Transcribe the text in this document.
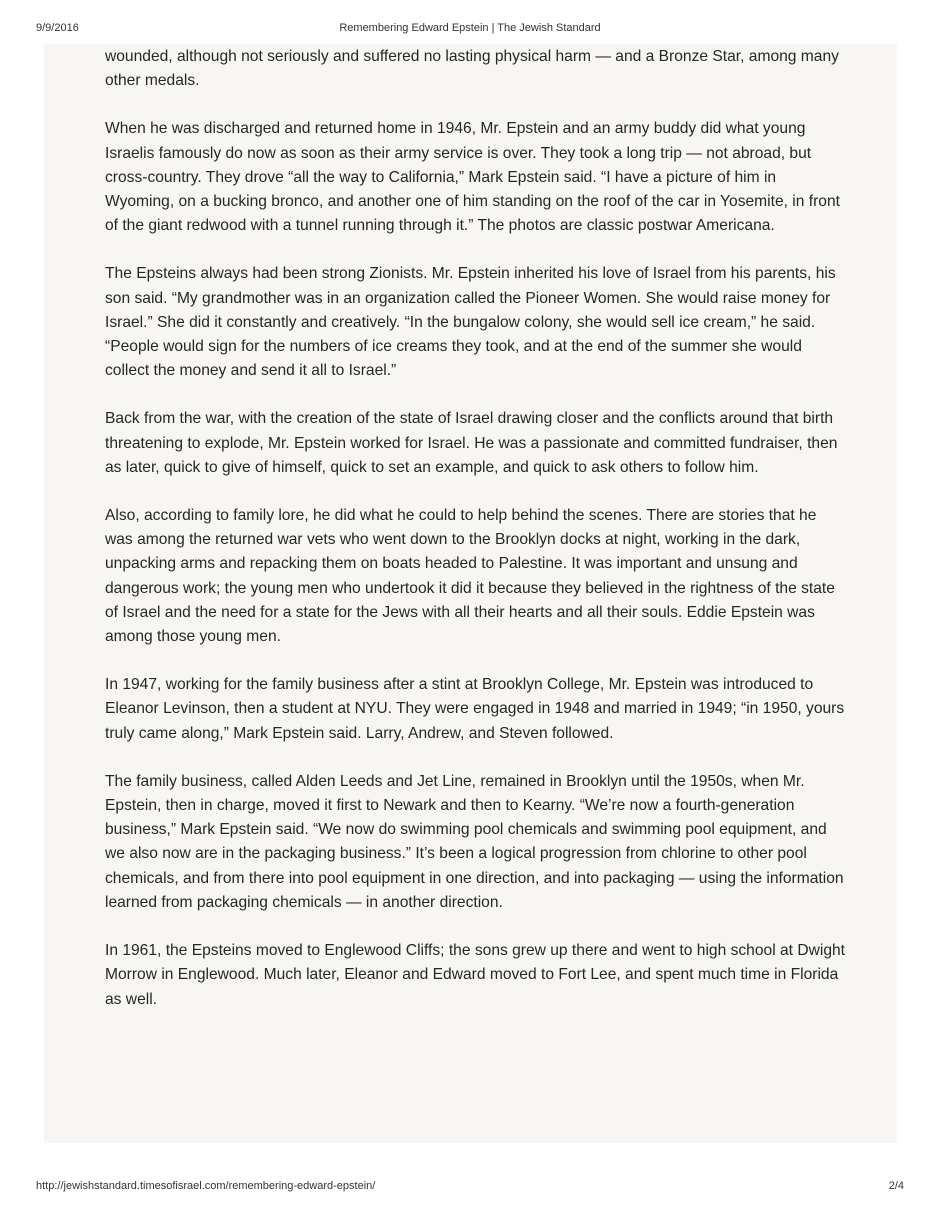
9/9/2016	Remembering Edward Epstein | The Jewish Standard

wounded, although not seriously and suffered no lasting physical harm — and a Bronze Star, among many other medals.

When he was discharged and returned home in 1946, Mr. Epstein and an army buddy did what young Israelis famously do now as soon as their army service is over. They took a long trip — not abroad, but cross-country. They drove “all the way to California,” Mark Epstein said. “I have a picture of him in Wyoming, on a bucking bronco, and another one of him standing on the roof of the car in Yosemite, in front of the giant redwood with a tunnel running through it.” The photos are classic postwar Americana.

The Epsteins always had been strong Zionists. Mr. Epstein inherited his love of Israel from his parents, his son said. “My grandmother was in an organization called the Pioneer Women. She would raise money for Israel.” She did it constantly and creatively. “In the bungalow colony, she would sell ice cream,” he said. “People would sign for the numbers of ice creams they took, and at the end of the summer she would collect the money and send it all to Israel.”

Back from the war, with the creation of the state of Israel drawing closer and the conflicts around that birth threatening to explode, Mr. Epstein worked for Israel. He was a passionate and committed fundraiser, then as later, quick to give of himself, quick to set an example, and quick to ask others to follow him.

Also, according to family lore, he did what he could to help behind the scenes. There are stories that he was among the returned war vets who went down to the Brooklyn docks at night, working in the dark, unpacking arms and repacking them on boats headed to Palestine. It was important and unsung and dangerous work; the young men who undertook it did it because they believed in the rightness of the state of Israel and the need for a state for the Jews with all their hearts and all their souls. Eddie Epstein was among those young men.

In 1947, working for the family business after a stint at Brooklyn College, Mr. Epstein was introduced to Eleanor Levinson, then a student at NYU. They were engaged in 1948 and married in 1949; “in 1950, yours truly came along,” Mark Epstein said. Larry, Andrew, and Steven followed.

The family business, called Alden Leeds and Jet Line, remained in Brooklyn until the 1950s, when Mr. Epstein, then in charge, moved it first to Newark and then to Kearny. “We’re now a fourth-generation business,” Mark Epstein said. “We now do swimming pool chemicals and swimming pool equipment, and we also now are in the packaging business.” It’s been a logical progression from chlorine to other pool chemicals, and from there into pool equipment in one direction, and into packaging — using the information learned from packaging chemicals — in another direction.

In 1961, the Epsteins moved to Englewood Cliffs; the sons grew up there and went to high school at Dwight Morrow in Englewood. Much later, Eleanor and Edward moved to Fort Lee, and spent much time in Florida as well.

http://jewishstandard.timesofisrael.com/remembering-edward-epstein/	2/4
